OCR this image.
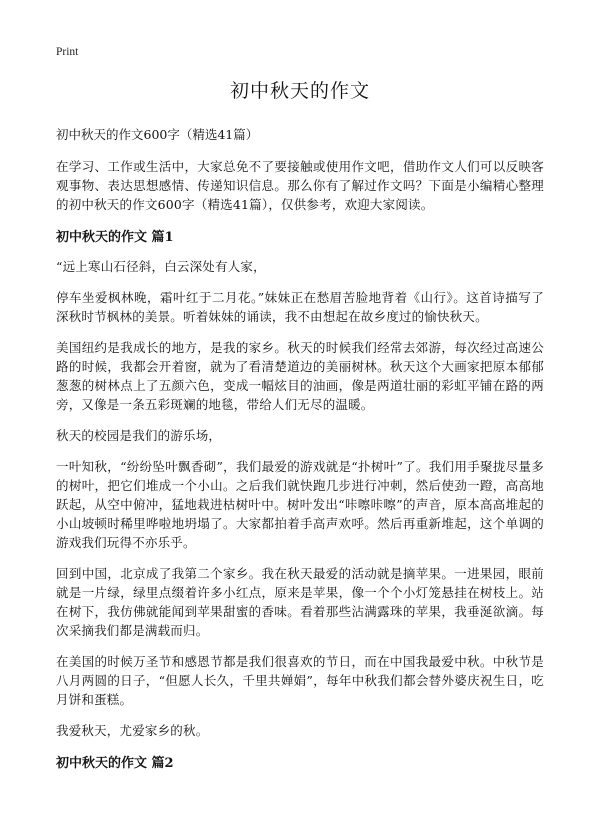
Print
初中秋天的作文
初中秋天的作文600字（精选41篇）

在学习、工作或生活中，大家总免不了要接触或使用作文吧，借助作文人们可以反映客观事物、表达思想感情、传递知识信息。那么你有了解过作文吗？下面是小编精心整理的初中秋天的作文600字（精选41篇），仅供参考，欢迎大家阅读。

初中秋天的作文 篇1

“远上寒山石径斜，白云深处有人家，

停车坐爱枫林晚，霜叶红于二月花。”妹妹正在愁眉苦脸地背着《山行》。这首诗描写了深秋时节枫林的美景。听着妹妹的诵读，我不由想起在故乡度过的愉快秋天。

美国纽约是我成长的地方，是我的家乡。秋天的时候我们经常去郊游，每次经过高速公路的时候，我都会开着窗，就为了看清楚道边的美丽树林。秋天这个大画家把原本郁郁葱葱的树林点上了五颜六色，变成一幅炫目的油画，像是两道壮丽的彩虹平铺在路的两旁，又像是一条五彩斑斓的地毯，带给人们无尽的温暖。

秋天的校园是我们的游乐场，

一叶知秋，“纷纷坠叶飘香砌”，我们最爱的游戏就是“扑树叶”了。我们用手聚拢尽量多的树叶，把它们堆成一个小山。之后我们就快跑几步进行冲刺，然后使劲一蹬，高高地跃起，从空中俯冲，猛地栽进枯树叶中。树叶发出“咔嚓咔嚓”的声音，原本高高堆起的小山坡顿时稀里哗啦地坍塌了。大家都拍着手高声欢呼。然后再重新堆起，这个单调的游戏我们玩得不亦乐乎。

回到中国，北京成了我第二个家乡。我在秋天最爱的活动就是摘苹果。一进果园，眼前就是一片绿，绿里点缀着许多小红点，原来是苹果，像一个个小灯笼悬挂在树枝上。站在树下，我仿佛就能闻到苹果甜蜜的香味。看着那些沾满露珠的苹果，我垂涎欲滴。每次采摘我们都是满载而归。

在美国的时候万圣节和感恩节都是我们很喜欢的节日，而在中国我最爱中秋。中秋节是八月两圆的日子，“但愿人长久，千里共婵娟”，每年中秋我们都会替外婆庆祝生日，吃月饼和蛋糕。

我爱秋天，尤爱家乡的秋。

初中秋天的作文 篇2
